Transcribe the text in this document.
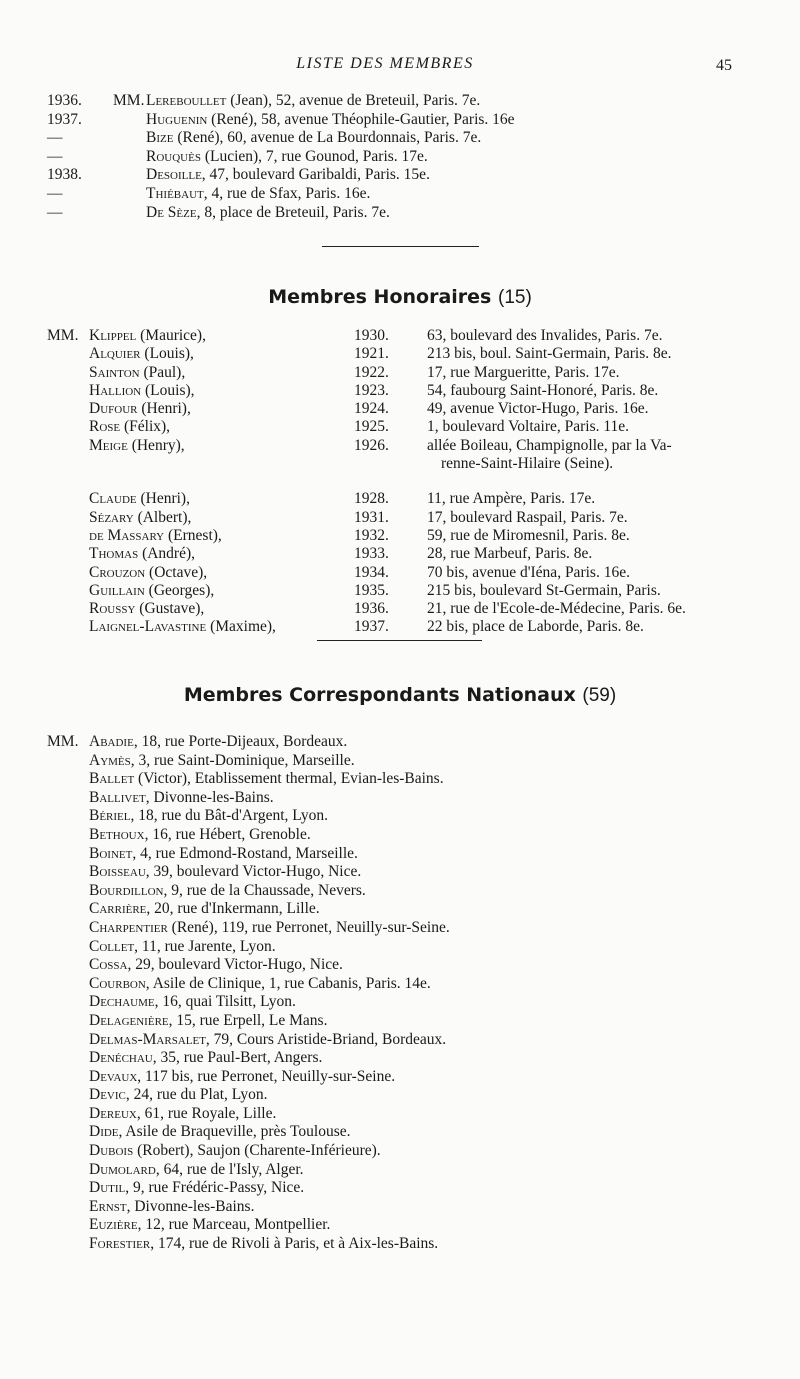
LISTE DES MEMBRES	45
1936. MM. Lereboullet (Jean), 52, avenue de Breteuil, Paris. 7e.
1937.	Huguenin (René), 58, avenue Théophile-Gautier, Paris. 16e
—	Bize (René), 60, avenue de La Bourdonnais, Paris. 7e.
—	Rouquès (Lucien), 7, rue Gounod, Paris. 17e.
1938.	Desoille, 47, boulevard Garibaldi, Paris. 15e.
—	Thiébaut, 4, rue de Sfax, Paris. 16e.
—	De Sèze, 8, place de Breteuil, Paris. 7e.
Membres Honoraires (15)
MM. Klippel (Maurice),	1930. 63, boulevard des Invalides, Paris. 7e.
Alquier (Louis),	1921. 213 bis, boul. Saint-Germain, Paris. 8e.
Sainton (Paul),	1922. 17, rue Margueritte, Paris. 17e.
Hallion (Louis),	1923. 54, faubourg Saint-Honoré, Paris. 8e.
Dufour (Henri),	1924. 49, avenue Victor-Hugo, Paris. 16e.
Rose (Félix),	1925. 1, boulevard Voltaire, Paris. 11e.
Meige (Henry),	1926. allée Boileau, Champignolle, par la Va-
renne-Saint-Hilaire (Seine).
Claude (Henri),	1928. 11, rue Ampère, Paris. 17e.
Sézary (Albert),	1931. 17, boulevard Raspail, Paris. 7e.
de Massary (Ernest),	1932. 59, rue de Miromesnil, Paris. 8e.
Thomas (André),	1933. 28, rue Marbeuf, Paris. 8e.
Crouzon (Octave),	1934. 70 bis, avenue d'Iéna, Paris. 16e.
Guillain (Georges),	1935. 215 bis, boulevard St-Germain, Paris.
Roussy (Gustave),	1936. 21, rue de l'Ecole-de-Médecine, Paris. 6e.
Laignel-Lavastine (Maxime),	1937. 22 bis, place de Laborde, Paris. 8e.
Membres Correspondants Nationaux (59)
MM. Abadie, 18, rue Porte-Dijeaux, Bordeaux.
Aymès, 3, rue Saint-Dominique, Marseille.
Ballet (Victor), Etablissement thermal, Evian-les-Bains.
Ballivet, Divonne-les-Bains.
Bériel, 18, rue du Bât-d'Argent, Lyon.
Bethoux, 16, rue Hébert, Grenoble.
Boinet, 4, rue Edmond-Rostand, Marseille.
Boisseau, 39, boulevard Victor-Hugo, Nice.
Bourdillon, 9, rue de la Chaussade, Nevers.
Carrière, 20, rue d'Inkermann, Lille.
Charpentier (René), 119, rue Perronet, Neuilly-sur-Seine.
Collet, 11, rue Jarente, Lyon.
Cossa, 29, boulevard Victor-Hugo, Nice.
Courbon, Asile de Clinique, 1, rue Cabanis, Paris. 14e.
Dechaume, 16, quai Tilsitt, Lyon.
Delagenière, 15, rue Erpell, Le Mans.
Delmas-Marsalet, 79, Cours Aristide-Briand, Bordeaux.
Denéchau, 35, rue Paul-Bert, Angers.
Devaux, 117 bis, rue Perronet, Neuilly-sur-Seine.
Devic, 24, rue du Plat, Lyon.
Dereux, 61, rue Royale, Lille.
Dide, Asile de Braqueville, près Toulouse.
Dubois (Robert), Saujon (Charente-Inférieure).
Dumolard, 64, rue de l'Isly, Alger.
Dutil, 9, rue Frédéric-Passy, Nice.
Ernst, Divonne-les-Bains.
Euzière, 12, rue Marceau, Montpellier.
Forestier, 174, rue de Rivoli à Paris, et à Aix-les-Bains.
